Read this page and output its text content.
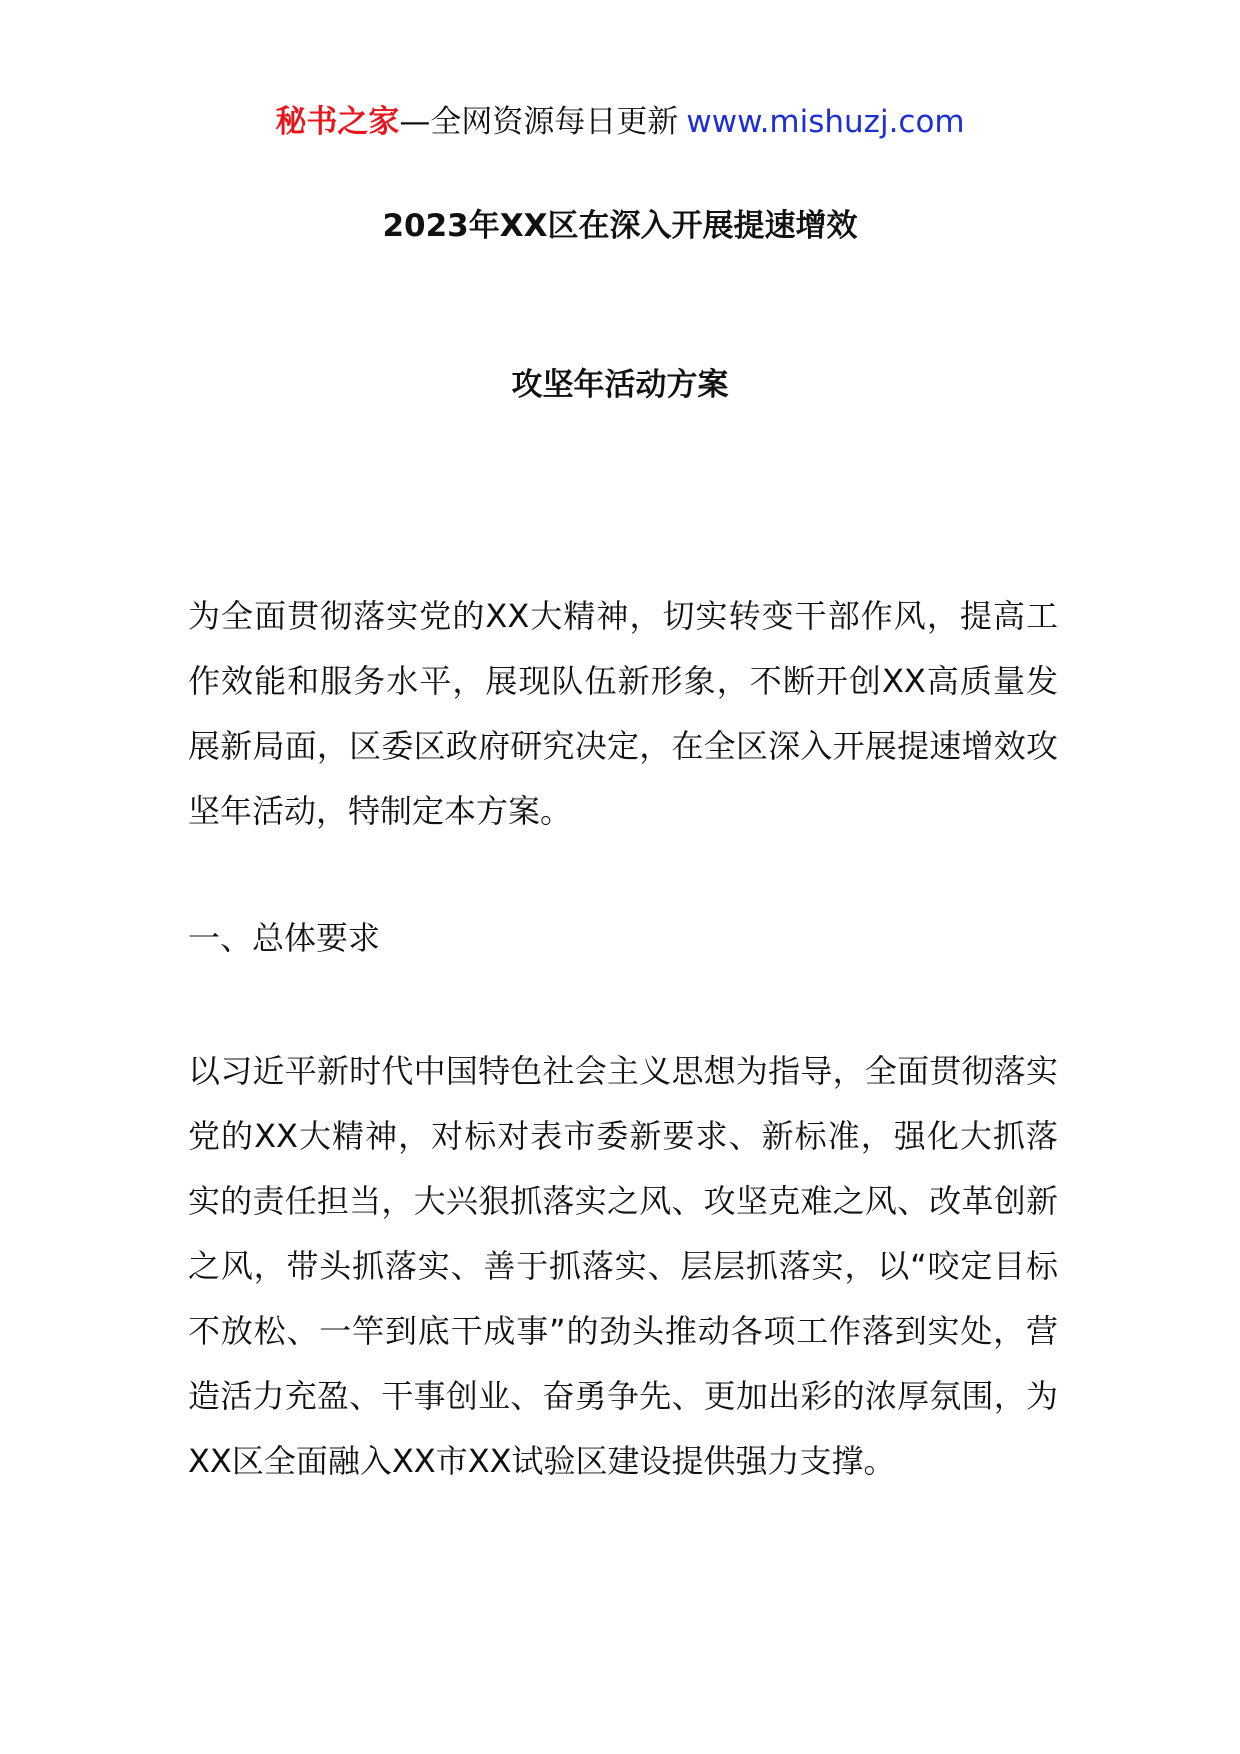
秘书之家—全网资源每日更新 www.mishuzj.com
2023年XX区在深入开展提速增效
攻坚年活动方案

为全面贯彻落实党的XX大精神，切实转变干部作风，提高工作效能和服务水平，展现队伍新形象，不断开创XX高质量发展新局面，区委区政府研究决定，在全区深入开展提速增效攻坚年活动，特制定本方案。

一、总体要求

以习近平新时代中国特色社会主义思想为指导，全面贯彻落实党的XX大精神，对标对表市委新要求、新标准，强化大抓落实的责任担当，大兴狠抓落实之风、攻坚克难之风、改革创新之风，带头抓落实、善于抓落实、层层抓落实，以“咬定目标不放松、一竿到底干成事”的劲头推动各项工作落到实处，营造活力充盈、干事创业、奋勇争先、更加出彩的浓厚氛围，为XX区全面融入XX市XX试验区建设提供强力支撑。
